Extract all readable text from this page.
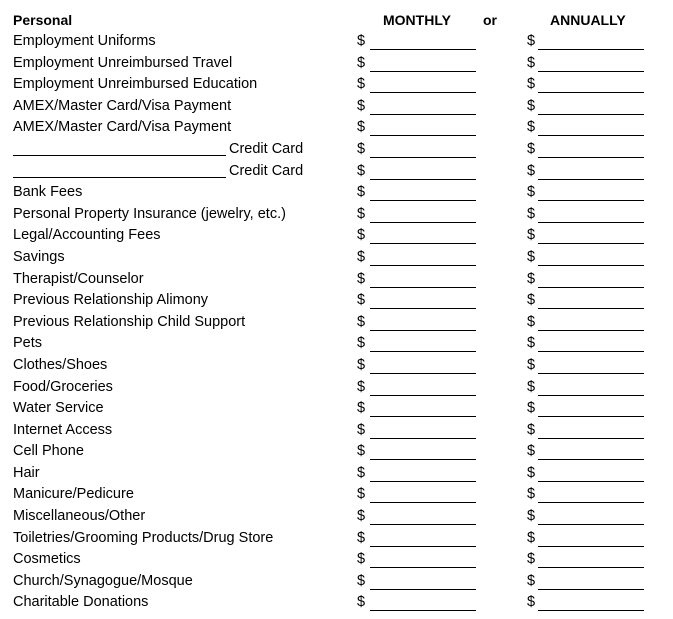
Personal	MONTHLY or	ANNUALLY
Employment Uniforms	$	$
Employment Unreimbursed Travel	$	$
Employment Unreimbursed Education	$	$
AMEX/Master Card/Visa Payment	$	$
AMEX/Master Card/Visa Payment	$	$
Credit Card	$	$
Credit Card	$	$
Bank Fees	$	$
Personal Property Insurance (jewelry, etc.)	$	$
Legal/Accounting Fees	$	$
Savings	$	$
Therapist/Counselor	$	$
Previous Relationship Alimony	$	$
Previous Relationship Child Support	$	$
Pets	$	$
Clothes/Shoes	$	$
Food/Groceries	$	$
Water Service	$	$
Internet Access	$	$
Cell Phone	$	$
Hair	$	$
Manicure/Pedicure	$	$
Miscellaneous/Other	$	$
Toiletries/Grooming Products/Drug Store	$	$
Cosmetics	$	$
Church/Synagogue/Mosque	$	$
Charitable Donations	$	$
